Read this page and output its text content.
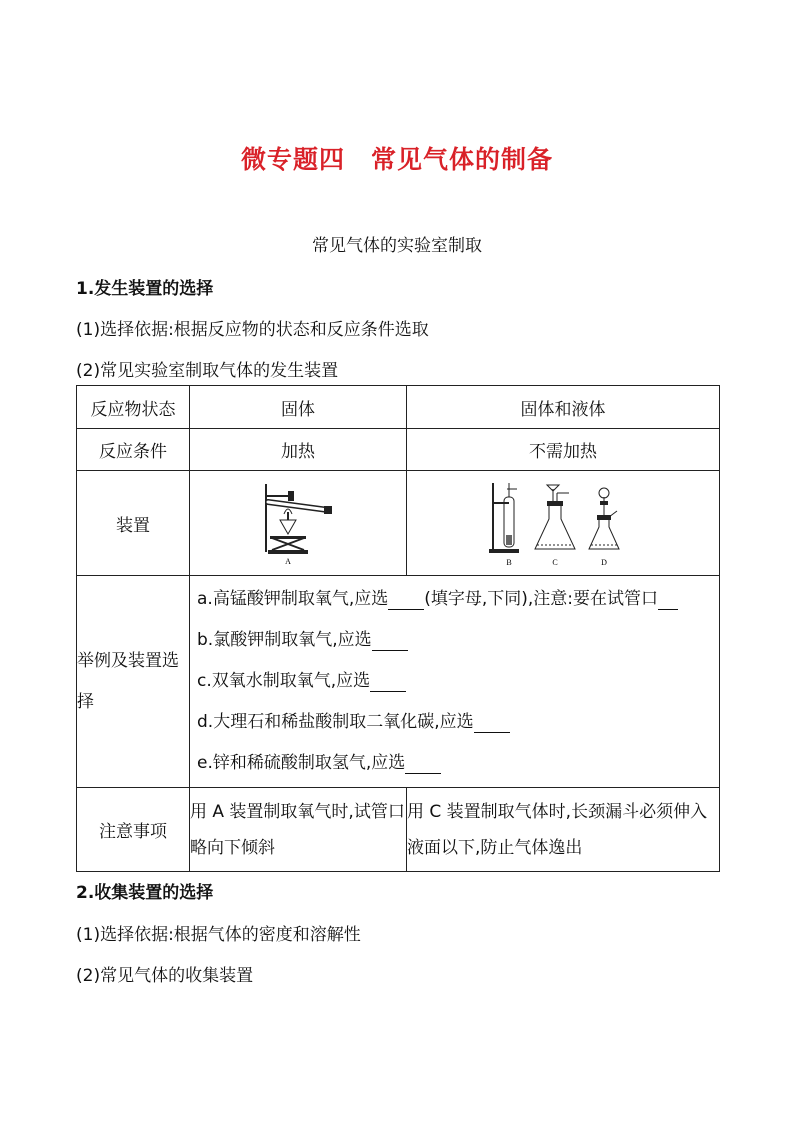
微专题四　常见气体的制备
常见气体的实验室制取
1.发生装置的选择
(1)选择依据:根据反应物的状态和反应条件选取
(2)常见实验室制取气体的发生装置
反应物状态	固体	固体和液体
反应条件	加热	不需加热
装置	A	B C D

举例及装置选择	a.高锰酸钾制取氧气,应选 (填字母,下同),注意:要在试管口
b.氯酸钾制取氧气,应选
c.双氧水制取氧气,应选
d.大理石和稀盐酸制取二氧化碳,应选
e.锌和稀硫酸制取氢气,应选	

注意事项	用 A 装置制取氧气时,试管口略向下倾斜	用 C 装置制取气体时,长颈漏斗必须伸入液面以下,防止气体逸出
2.收集装置的选择
(1)选择依据:根据气体的密度和溶解性
(2)常见气体的收集装置
